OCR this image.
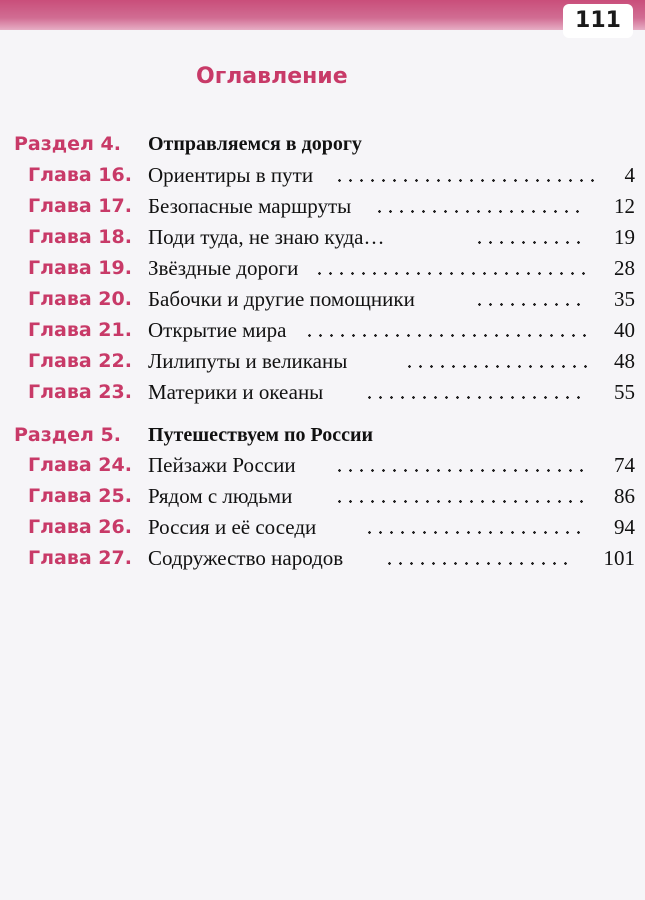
111
Оглавление
Раздел 4. Отправляемся в дорогу
Глава 16. Ориентиры в пути	4
Глава 17. Безопасные маршруты	12
Глава 18. Поди туда, не знаю куда…	19
Глава 19. Звёздные дороги	28
Глава 20. Бабочки и другие помощники	35
Глава 21. Открытие мира	40
Глава 22. Лилипуты и великаны	48
Глава 23. Материки и океаны	55
Раздел 5. Путешествуем по России
Глава 24. Пейзажи России	74
Глава 25. Рядом с людьми	86
Глава 26. Россия и её соседи	94
Глава 27. Содружество народов	101
